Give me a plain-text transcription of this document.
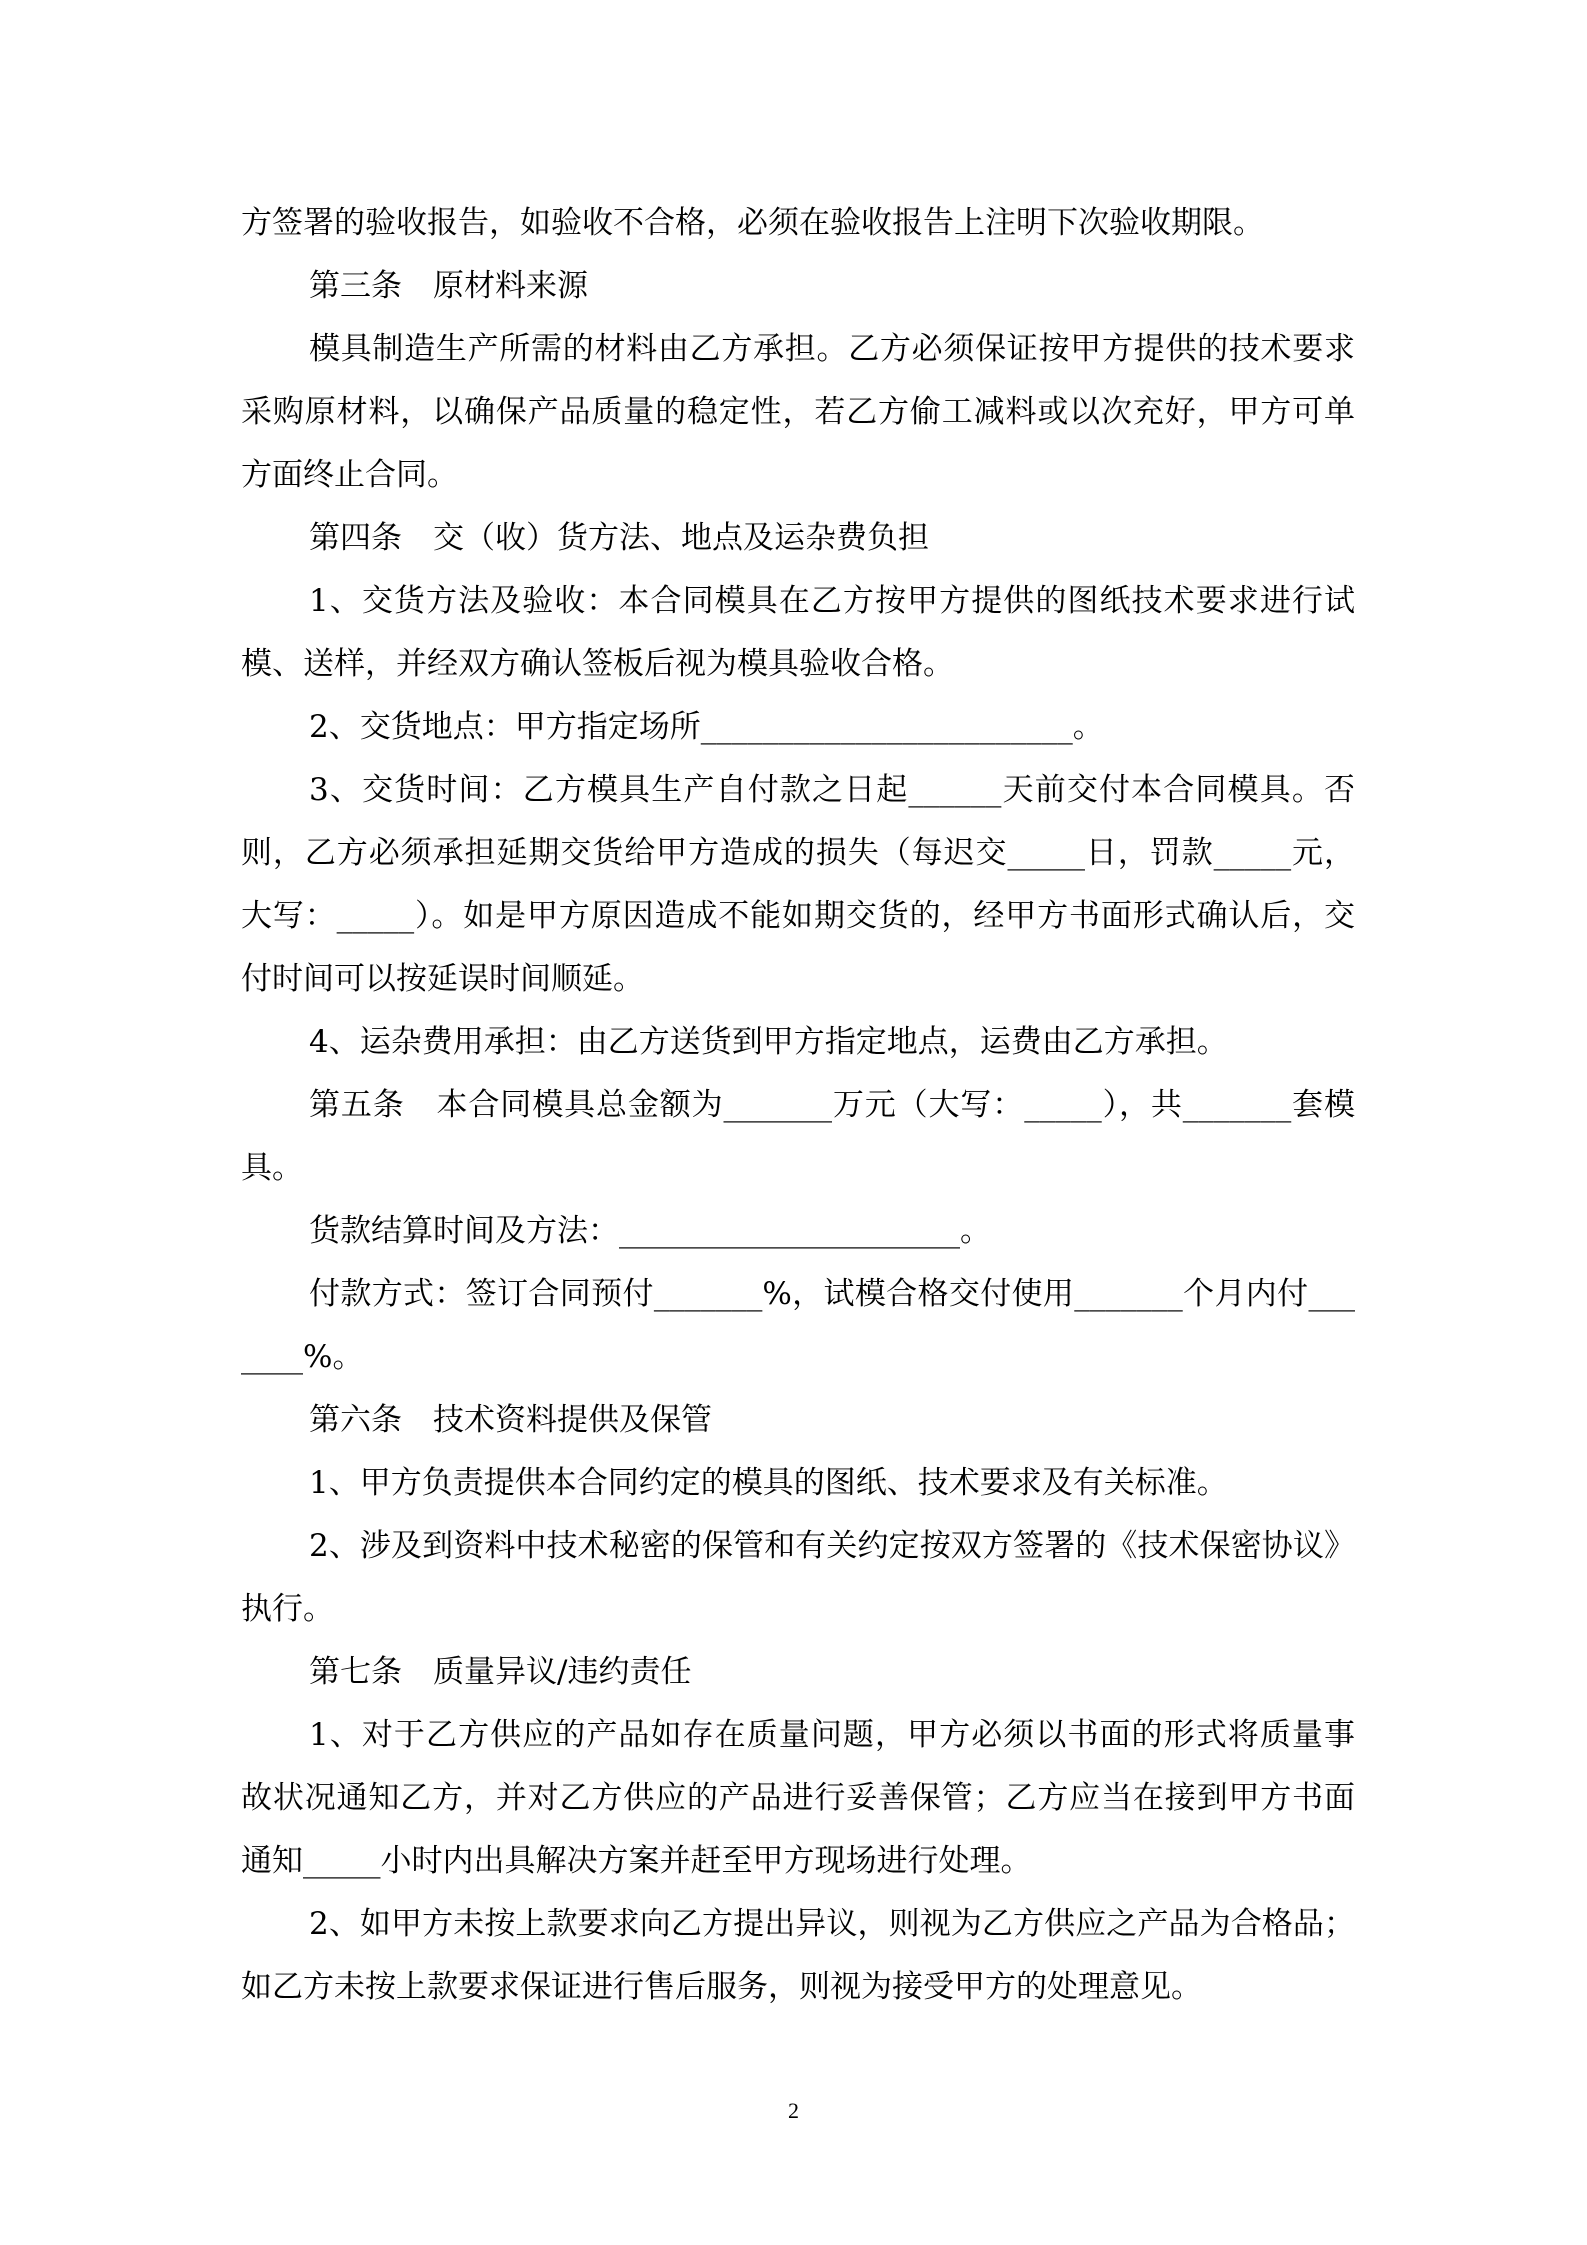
方签署的验收报告，如验收不合格，必须在验收报告上注明下次验收期限。
第三条　原材料来源
模具制造生产所需的材料由乙方承担。乙方必须保证按甲方提供的技术要求
采购原材料，以确保产品质量的稳定性，若乙方偷工减料或以次充好，甲方可单
方面终止合同。
第四条　交（收）货方法、地点及运杂费负担
1、交货方法及验收：本合同模具在乙方按甲方提供的图纸技术要求进行试
模、送样，并经双方确认签板后视为模具验收合格。
2、交货地点：甲方指定场所________________________。
3、交货时间：乙方模具生产自付款之日起______天前交付本合同模具。否
则，乙方必须承担延期交货给甲方造成的损失（每迟交_____日，罚款_____元，
大写：_____）。如是甲方原因造成不能如期交货的，经甲方书面形式确认后，交
付时间可以按延误时间顺延。
4、运杂费用承担：由乙方送货到甲方指定地点，运费由乙方承担。
第五条　本合同模具总金额为_______万元（大写：_____），共_______套模
具。
货款结算时间及方法：______________________。
付款方式：签订合同预付_______%，试模合格交付使用_______个月内付___
____%。
第六条　技术资料提供及保管
1、甲方负责提供本合同约定的模具的图纸、技术要求及有关标准。
2、涉及到资料中技术秘密的保管和有关约定按双方签署的《技术保密协议》
执行。
第七条　质量异议/违约责任
1、对于乙方供应的产品如存在质量问题，甲方必须以书面的形式将质量事
故状况通知乙方，并对乙方供应的产品进行妥善保管；乙方应当在接到甲方书面
通知_____小时内出具解决方案并赶至甲方现场进行处理。
2、如甲方未按上款要求向乙方提出异议，则视为乙方供应之产品为合格品；
如乙方未按上款要求保证进行售后服务，则视为接受甲方的处理意见。
2
